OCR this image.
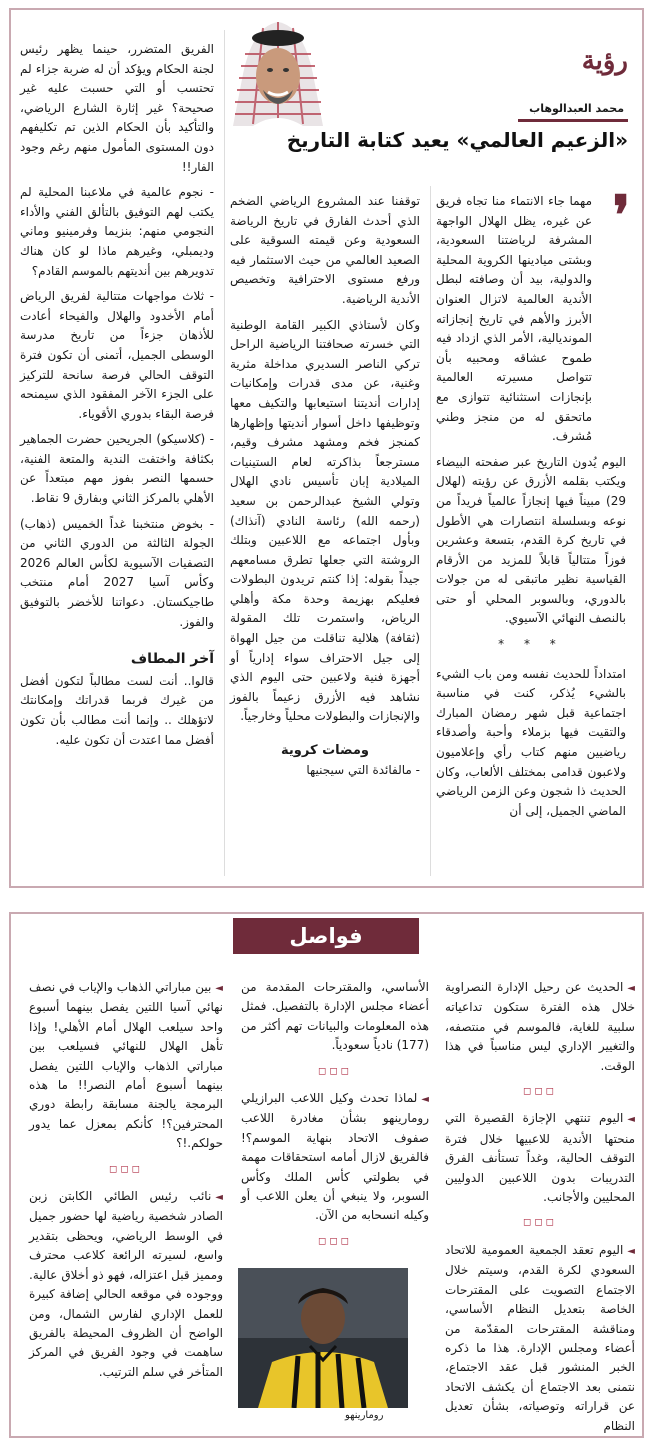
رؤية
محمد العبدالوهاب
«الزعيم العالمي» يعيد كتابة التاريخ
❜

مهما جاء الانتماء منا تجاه فريق عن غيره، يظل الهلال الواجهة المشرفة لرياضتنا السعودية، وبشتى ميادينها الكروية المحلية والدولية، بيد أن وصافته لبطل الأندية العالمية لاتزال العنوان الأبرز والأهم في تاريخ إنجازاته المونديالية، الأمر الذي ازداد فيه طموح عشاقه ومحبيه بأن تتواصل مسيرته العالمية بإنجازات استثنائية تتوازى مع ماتحقق له من منجز وطني مُشرف.

اليوم يُدون التاريخ عبر صفحته البيضاء ويكتب بقلمه الأزرق عن رؤيته (لهلال 29) مبيناً فيها إنجازاً عالمياً فريداً من نوعه وبسلسلة انتصارات هي الأطول في تاريخ كرة القدم، بتسعة وعشرين فوزاً متتالياً قابلاً للمزيد من الأرقام القياسية نظير ماتبقى له من جولات بالدوري، وبالسوبر المحلي أو حتى بالنصف النهائي الآسيوي.

* * *

امتداداً للحديث نفسه ومن باب الشيء بالشيء يُذكر، كنت في مناسبة اجتماعية قبل شهر رمضان المبارك والتقيت فيها بزملاء وأحبة وأصدقاء رياضيين منهم كتاب رأي وإعلاميون ولاعبون قدامى بمختلف الألعاب، وكان الحديث ذا شجون وعن الزمن الرياضي الماضي الجميل، إلى أن

توقفنا عند المشروع الرياضي الضخم الذي أحدث الفارق في تاريخ الرياضة السعودية وعن قيمته السوقية على الصعيد العالمي من حيث الاستثمار فيه ورفع مستوى الاحترافية وتخصيص الأندية الرياضية.

وكان لأستاذي الكبير القامة الوطنية التي خسرته صحافتنا الرياضية الراحل تركي الناصر السديري مداخلة مثرية وغنية، عن مدى قدرات وإمكانيات إدارات أنديتنا استيعابها والتكيف معها وتوظيفها داخل أسوار أنديتها وإظهارها كمنجز فخم ومشهد مشرف وقيم، مسترجعاً بذاكرته لعام الستينيات الميلادية إبان تأسيس نادي الهلال وتولي الشيخ عبدالرحمن بن سعيد (رحمه الله) رئاسة النادي (آنذاك) وبأول اجتماعه مع اللاعبين وبتلك الروشتة التي جعلها تطرق مسامعهم جيداً بقوله: إذا كنتم تريدون البطولات فعليكم بهزيمة وحدة مكة وأهلي الرياض، واستمرت تلك المقولة (ثقافة) هلالية تناقلت من جيل الهواة إلى جيل الاحتراف سواء إدارياً أو أجهزة فنية ولاعبين حتى اليوم الذي نشاهد فيه الأزرق زعيماً بالفوز والإنجازات والبطولات محلياً وخارجياً.

ومضات كروية

- مالفائدة التي سيجنيها

الفريق المتضرر، حينما يظهر رئيس لجنة الحكام ويؤكد أن له ضربة جزاء لم تحتسب أو التي حسبت عليه غير صحيحة؟ غير إثارة الشارع الرياضي، والتأكيد بأن الحكام الذين تم تكليفهم دون المستوى المأمول منهم رغم وجود الفار!!

- نجوم عالمية في ملاعبنا المحلية لم يكتب لهم التوفيق بالتألق الفني والأداء النجومي منهم: بنزيما وفرمينيو وماني وديمبلي، وغيرهم ماذا لو كان هناك تدويرهم بين أنديتهم بالموسم القادم؟

- ثلاث مواجهات متتالية لفريق الرياض أمام الأخدود والهلال والفيحاء أعادت للأذهان جزءاً من تاريخ مدرسة الوسطى الجميل، أتمنى أن تكون فترة التوقف الحالي فرصة سانحة للتركيز على الجزء الآخر المفقود الذي سيمنحه فرصة البقاء بدوري الأقوياء.

- (كلاسيكو) الجريحين حضرت الجماهير بكثافة واختفت الندية والمتعة الفنية، حسمها النصر بفوز مهم مبتعداً عن الأهلي بالمركز الثاني وبفارق 9 نقاط.

- بخوض منتخبنا غداً الخميس (ذهاب) الجولة الثالثة من الدوري الثاني من التصفيات الآسيوية لكأس العالم 2026 وكأس آسيا 2027 أمام منتخب طاجيكستان. دعواتنا للأخضر بالتوفيق والفوز.

آخر المطاف

قالوا.. أنت لست مطالباً لتكون أفضل من غيرك فربما قدراتك وإمكانتك لاتؤهلك .. وإنما أنت مطالب بأن تكون أفضل مما اعتدت أن تكون عليه.

فواصل
◄الحديث عن رحيل الإدارة النصراوية خلال هذه الفترة ستكون تداعياته سلبية للغاية، فالموسم في منتصفه، والتغيير الإداري ليس مناسباً في هذا الوقت.
◻◻◻
◄اليوم تنتهي الإجازة القصيرة التي منحتها الأندية للاعبيها خلال فترة التوقف الحالية، وغداً تستأنف الفرق التدريبات بدون اللاعبين الدوليين المحليين والأجانب.
◻◻◻
◄اليوم تعقد الجمعية العمومية للاتحاد السعودي لكرة القدم، وسيتم خلال الاجتماع التصويت على المقترحات الخاصة بتعديل النظام الأساسي، ومناقشة المقترحات المقدّمة من أعضاء ومجلس الإدارة. هذا ما ذكره الخبر المنشور قبل عقد الاجتماع، نتمنى بعد الاجتماع أن يكشف الاتحاد عن قراراته وتوصياته، بشأن تعديل النظام
الأساسي، والمقترحات المقدمة من أعضاء مجلس الإدارة بالتفصيل. فمثل هذه المعلومات والبيانات تهم أكثر من (177) نادياً سعودياً.
◻◻◻
◄لماذا تحدث وكيل اللاعب البرازيلي رومارينهو بشأن مغادرة اللاعب صفوف الاتحاد بنهاية الموسم؟! فالفريق لازال أمامه استحقاقات مهمة في بطولتي كأس الملك وكأس السوبر، ولا ينبغي أن يعلن اللاعب أو وكيله انسحابه من الآن.
◻◻◻
رومارينهو
◄بين مباراتي الذهاب والإياب في نصف نهائي آسيا اللتين يفصل بينهما أسبوع واحد سيلعب الهلال أمام الأهلي! وإذا تأهل الهلال للنهائي فسيلعب بين مباراتي الذهاب والإياب اللتين يفصل بينهما أسبوع أمام النصر!! ما هذه البرمجة يالجنة مسابقة رابطة دوري المحترفين؟! كأنكم بمعزل عما يدور حولكم.!؟
◻◻◻
◄نائب رئيس الطائي الكابتن زبن الصادر شخصية رياضية لها حضور جميل في الوسط الرياضي، ويحظى بتقدير واسع، لسيرته الرائعة كلاعب محترف ومميز قبل اعتزاله، فهو ذو أخلاق عالية. ووجوده في موقعه الحالي إضافة كبيرة للعمل الإداري لفارس الشمال، ومن الواضح أن الظروف المحيطة بالفريق ساهمت في وجود الفريق في المركز المتأخر في سلم الترتيب.
